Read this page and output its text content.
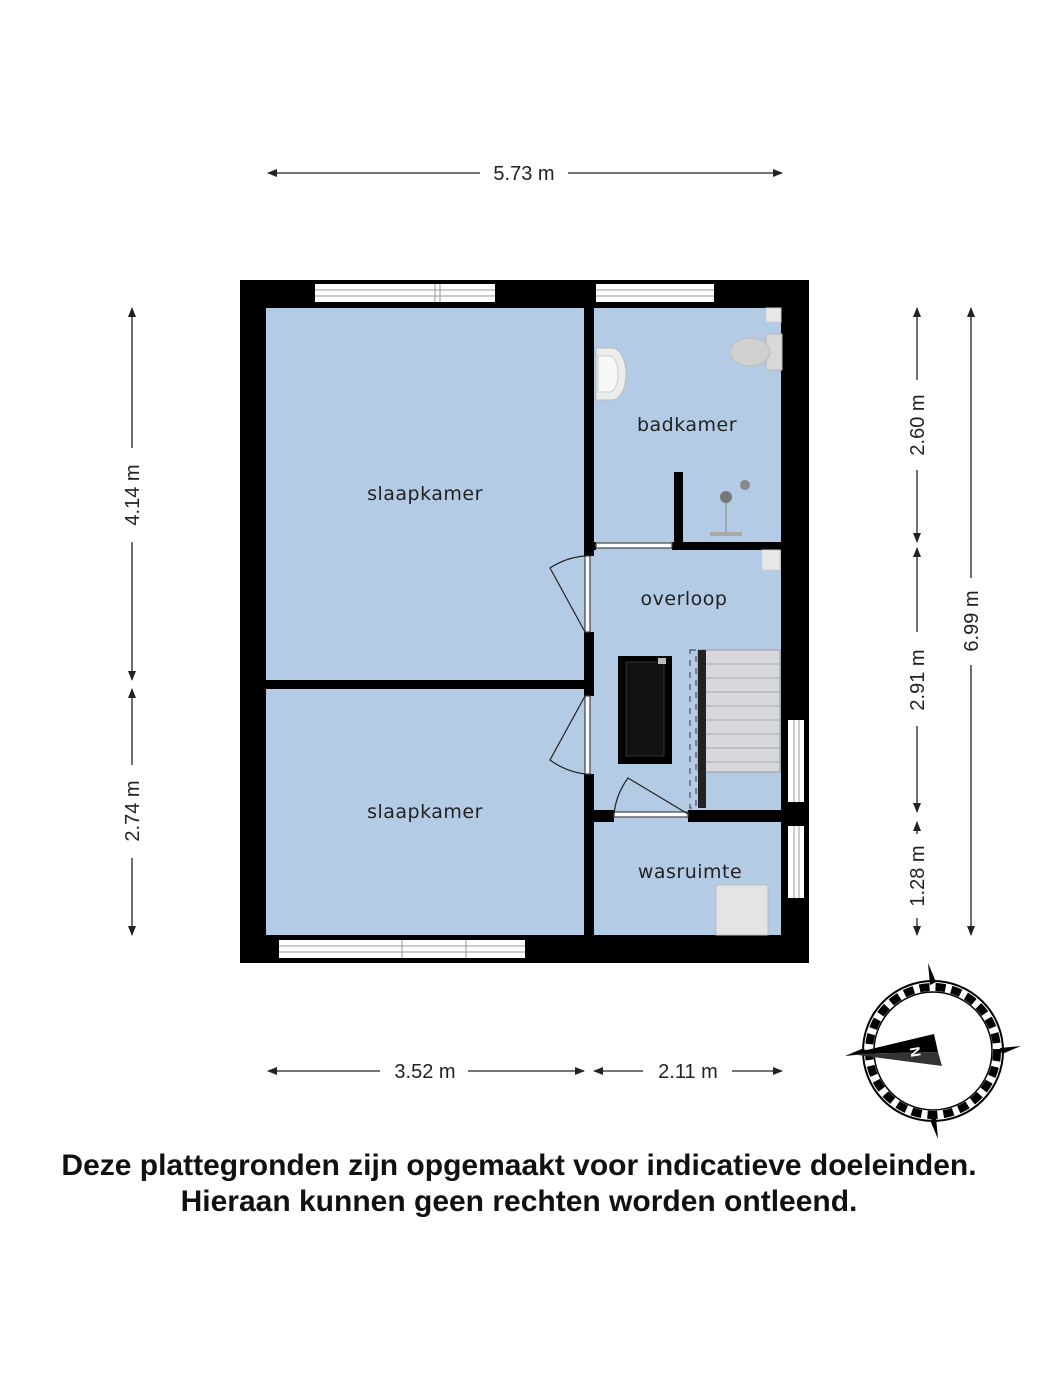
slaapkamer
slaapkamer
badkamer
overloop
wasruimte
5.73 m
3.52 m	2.11 m
4.14 m
2.74 m
2.60 m
2.91 m
1.28 m
6.99 m
N
Deze plattegronden zijn opgemaakt voor indicatieve doeleinden.
Hieraan kunnen geen rechten worden ontleend.
